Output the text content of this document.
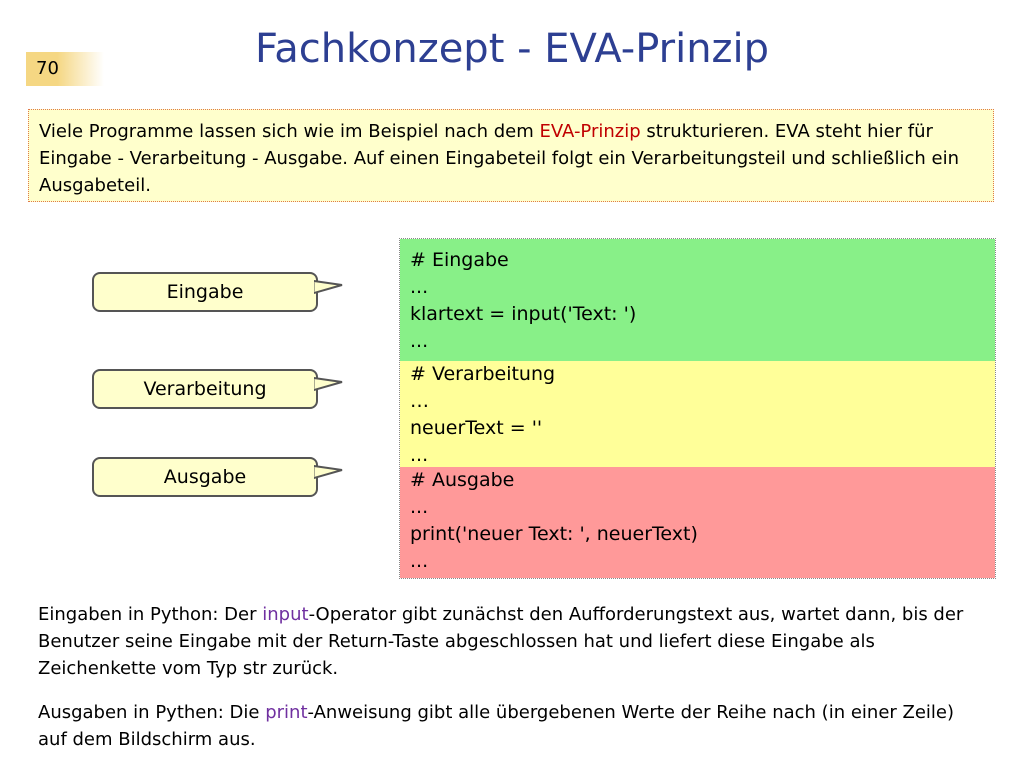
70	Fachkonzept - EVA-Prinzip
Viele Programme lassen sich wie im Beispiel nach dem EVA-Prinzip strukturieren. EVA steht hier für Eingabe - Verarbeitung - Ausgabe. Auf einen Eingabeteil folgt ein Verarbeitungsteil und schließlich ein Ausgabeteil.
Eingabe
Verarbeitung
Ausgabe
# Eingabe
...
klartext = input('Text: ')
...
# Verarbeitung
…
neuerText = ''
...
# Ausgabe
...
print('neuer Text: ', neuerText)
...
Eingaben in Python: Der input-Operator gibt zunächst den Aufforderungstext aus, wartet dann, bis der Benutzer seine Eingabe mit der Return-Taste abgeschlossen hat und liefert diese Eingabe als Zeichenkette vom Typ str zurück.
Ausgaben in Pythen: Die print-Anweisung gibt alle übergebenen Werte der Reihe nach (in einer Zeile) auf dem Bildschirm aus.
